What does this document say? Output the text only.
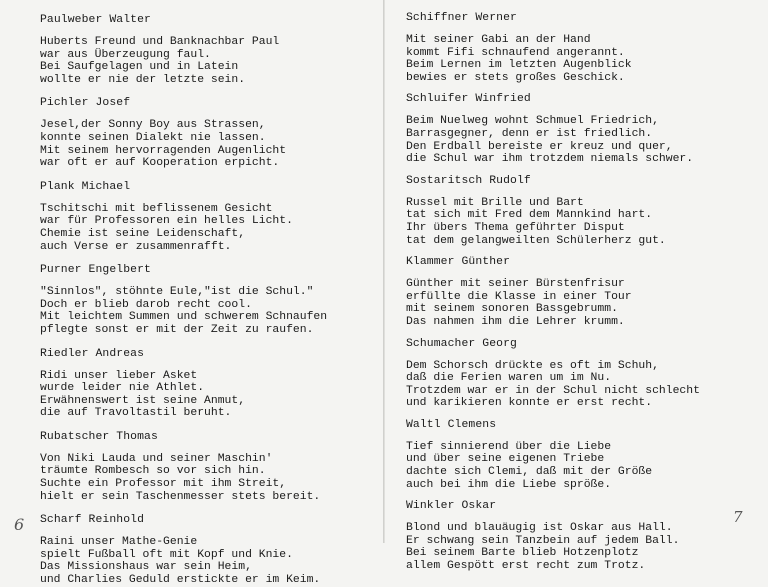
Paulweber Walter
Huberts Freund und Banknachbar Paul
war aus Überzeugung faul.
Bei Saufgelagen und in Latein
wollte er nie der letzte sein.
Pichler Josef
Jesel,der Sonny Boy aus Strassen,
konnte seinen Dialekt nie lassen.
Mit seinem hervorragenden Augenlicht
war oft er auf Kooperation erpicht.
Plank Michael
Tschitschi mit beflissenem Gesicht
war für Professoren ein helles Licht.
Chemie ist seine Leidenschaft,
auch Verse er zusammenrafft.
Purner Engelbert
"Sinnlos", stöhnte Eule,"ist die Schul."
Doch er blieb darob recht cool.
Mit leichtem Summen und schwerem Schnaufen
pflegte sonst er mit der Zeit zu raufen.
Riedler Andreas
Ridi unser lieber Asket
wurde leider nie Athlet.
Erwähnenswert ist seine Anmut,
die auf Travoltastil beruht.
Rubatscher Thomas
Von Niki Lauda und seiner Maschin'
träumte Rombesch so vor sich hin.
Suchte ein Professor mit ihm Streit,
hielt er sein Taschenmesser stets bereit.
Scharf Reinhold
Raini unser Mathe-Genie
spielt Fußball oft mit Kopf und Knie.
Das Missionshaus war sein Heim,
und Charlies Geduld erstickte er im Keim.
Schiffner Werner
Mit seiner Gabi an der Hand
kommt Fifi schnaufend angerannt.
Beim Lernen im letzten Augenblick
bewies er stets großes Geschick.
Schluifer Winfried
Beim Nuelweg wohnt Schmuel Friedrich,
Barrasgegner, denn er ist friedlich.
Den Erdball bereiste er kreuz und quer,
die Schul war ihm trotzdem niemals schwer.
Sostaritsch Rudolf
Russel mit Brille und Bart
tat sich mit Fred dem Mannkind hart.
Ihr übers Thema geführter Disput
tat dem gelangweilten Schülerherz gut.
Klammer Günther
Günther mit seiner Bürstenfrisur
erfüllte die Klasse in einer Tour
mit seinem sonoren Bassgebrumm.
Das nahmen ihm die Lehrer krumm.
Schumacher Georg
Dem Schorsch drückte es oft im Schuh,
daß die Ferien waren um im Nu.
Trotzdem war er in der Schul nicht schlecht
und karikieren konnte er erst recht.
Waltl Clemens
Tief sinnierend über die Liebe
und über seine eigenen Triebe
dachte sich Clemi, daß mit der Größe
auch bei ihm die Liebe spröße.
Winkler Oskar
Blond und blauäugig ist Oskar aus Hall.
Er schwang sein Tanzbein auf jedem Ball.
Bei seinem Barte blieb Hotzenplotz
allem Gespött erst recht zum Trotz.
6	7
